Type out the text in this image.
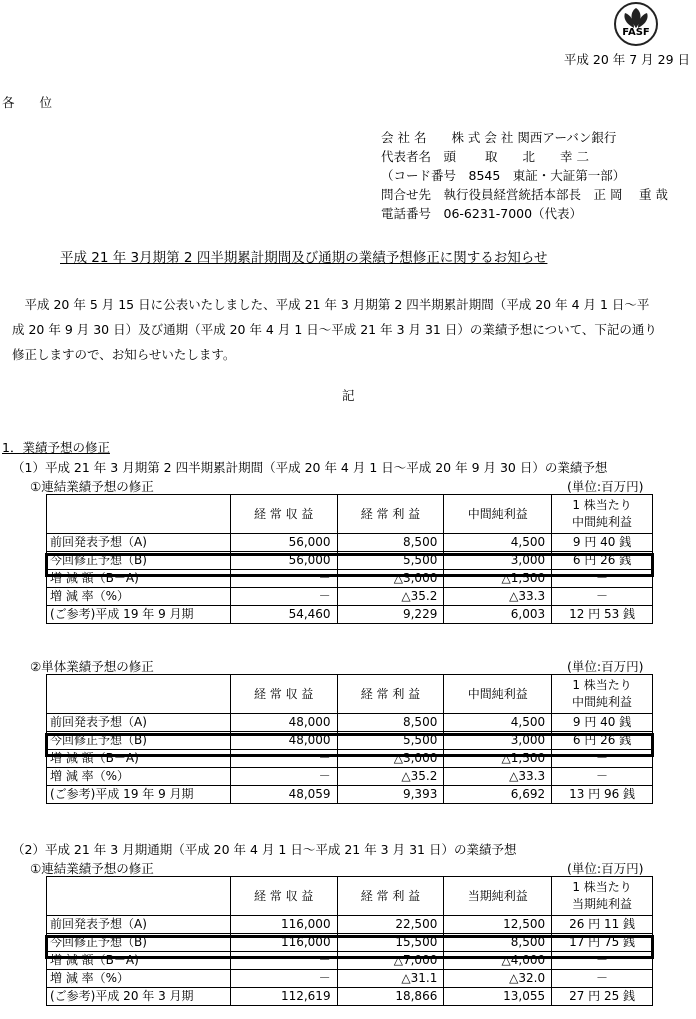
FASF
平成 20 年 7 月 29 日
各　　位
会 社 名　　株 式 会 社 関西アーバン銀行
代表者名　頭　　 取　　北　　幸 二
（コード番号　8545　東証・大証第一部）
問合せ先　執行役員経営統括本部長　正 岡　 重 哉
電話番号　06-6231-7000（代表）
平成 21 年 3月期第 2 四半期累計期間及び通期の業績予想修正に関するお知らせ
　平成 20 年 5 月 15 日に公表いたしました、平成 21 年 3 月期第 2 四半期累計期間（平成 20 年 4 月 1 日～平
成 20 年 9 月 30 日）及び通期（平成 20 年 4 月 1 日～平成 21 年 3 月 31 日）の業績予想について、下記の通り
修正しますので、お知らせいたします。
記
1．業績予想の修正
（1）平成 21 年 3 月期第 2 四半期累計期間（平成 20 年 4 月 1 日～平成 20 年 9 月 30 日）の業績予想
①連結業績予想の修正	(単位:百万円)
	経 常 収 益	経 常 利 益	中間純利益	1 株当たり
中間純利益

前回発表予想（A)	56,000	8,500	4,500	9 円 40 銭
今回修正予想（B)	56,000	5,500	3,000	6 円 26 銭
増 減 額（B－A)	－	△3,000	△1,500	－
増 減 率（%）	－	△35.2	△33.3	－
(ご参考)平成 19 年 9 月期	54,460	9,229	6,003	12 円 53 銭
②単体業績予想の修正	(単位:百万円)
	経 常 収 益	経 常 利 益	中間純利益	1 株当たり
中間純利益

前回発表予想（A)	48,000	8,500	4,500	9 円 40 銭
今回修正予想（B)	48,000	5,500	3,000	6 円 26 銭
増 減 額（B－A)	－	△3,000	△1,500	－
増 減 率（%）	－	△35.2	△33.3	－
(ご参考)平成 19 年 9 月期	48,059	9,393	6,692	13 円 96 銭
（2）平成 21 年 3 月期通期（平成 20 年 4 月 1 日～平成 21 年 3 月 31 日）の業績予想
①連結業績予想の修正	(単位:百万円)
	経 常 収 益	経 常 利 益	当期純利益	1 株当たり
当期純利益

前回発表予想（A)	116,000	22,500	12,500	26 円 11 銭
今回修正予想（B)	116,000	15,500	8,500	17 円 75 銭
増 減 額（B－A)	－	△7,000	△4,000	－
増 減 率（%）	－	△31.1	△32.0	－
(ご参考)平成 20 年 3 月期	112,619	18,866	13,055	27 円 25 銭
